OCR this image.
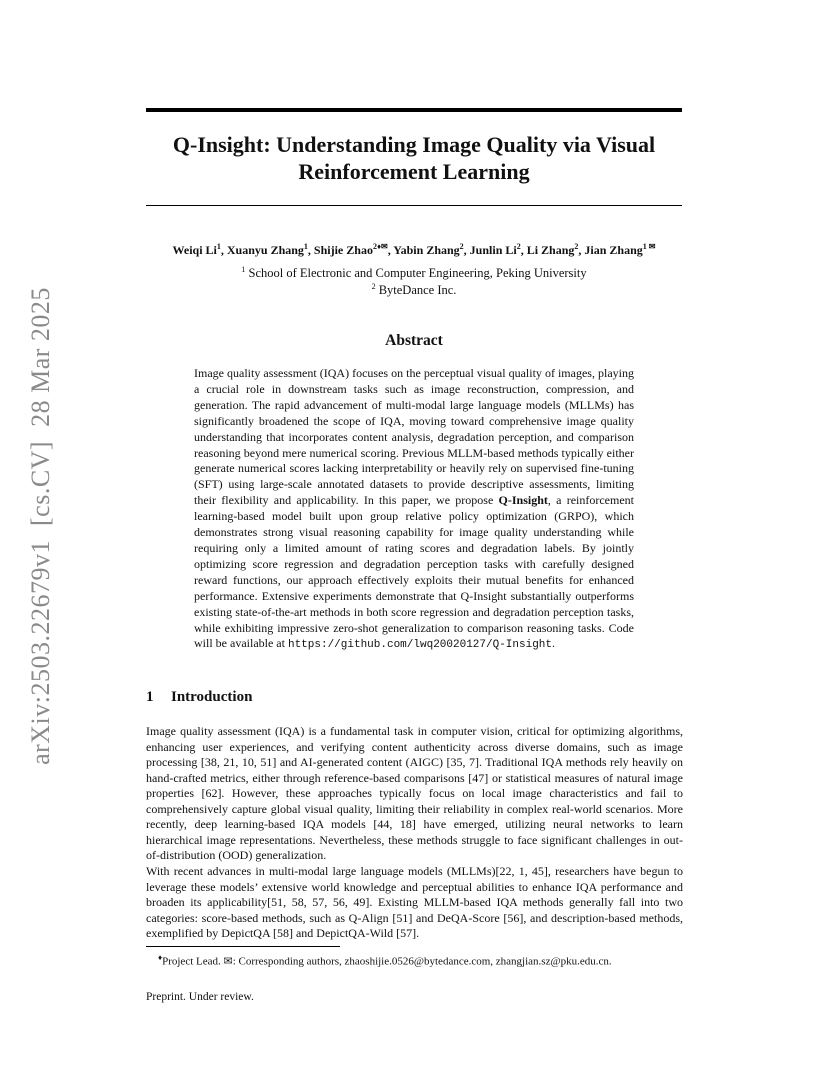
arXiv:2503.22679v1[cs.CV]28 Mar 2025
Q-Insight: Understanding Image Quality via Visual
Reinforcement Learning
Weiqi Li$^1$, Xuanyu Zhang$^1$, Shijie Zhao$^{2♦✉}$, Yabin Zhang$^2$, Junlin Li$^2$, Li Zhang$^2$, Jian Zhang$^{1 ✉}$
$^1$ School of Electronic and Computer Engineering, Peking University
$^2$ ByteDance Inc.
Abstract
Image quality assessment (IQA) focuses on the perceptual visual quality of images, playing a crucial role in downstream tasks such as image reconstruction, compression, and generation. The rapid advancement of multi-modal large language models (MLLMs) has significantly broadened the scope of IQA, moving toward comprehensive image quality understanding that incorporates content analysis, degradation perception, and comparison reasoning beyond mere numerical scoring. Previous MLLM-based methods typically either generate numerical scores lacking interpretability or heavily rely on supervised fine-tuning (SFT) using large-scale annotated datasets to provide descriptive assessments, limiting their flexibility and applicability. In this paper, we propose Q-Insight, a reinforcement learning-based model built upon group relative policy optimization (GRPO), which demonstrates strong visual reasoning capability for image quality understanding while requiring only a limited amount of rating scores and degradation labels. By jointly optimizing score regression and degradation perception tasks with carefully designed reward functions, our approach effectively exploits their mutual benefits for enhanced performance. Extensive experiments demonstrate that Q-Insight substantially outperforms existing state-of-the-art methods in both score regression and degradation perception tasks, while exhibiting impressive zero-shot generalization to comparison reasoning tasks. Code will be available at https://github.com/lwq20020127/Q-Insight.
1 Introduction
Image quality assessment (IQA) is a fundamental task in computer vision, critical for optimizing algorithms, enhancing user experiences, and verifying content authenticity across diverse domains, such as image processing [38, 21, 10, 51] and AI-generated content (AIGC) [35, 7]. Traditional IQA methods rely heavily on hand-crafted metrics, either through reference-based comparisons [47] or statistical measures of natural image properties [62]. However, these approaches typically focus on local image characteristics and fail to comprehensively capture global visual quality, limiting their reliability in complex real-world scenarios. More recently, deep learning-based IQA models [44, 18] have emerged, utilizing neural networks to learn hierarchical image representations. Nevertheless, these methods struggle to face significant challenges in out-of-distribution (OOD) generalization.
With recent advances in multi-modal large language models (MLLMs)[22, 1, 45], researchers have begun to leverage these models’ extensive world knowledge and perceptual abilities to enhance IQA performance and broaden its applicability[51, 58, 57, 56, 49]. Existing MLLM-based IQA methods generally fall into two categories: score-based methods, such as Q-Align [51] and DeQA-Score [56], and description-based methods, exemplified by DepictQA [58] and DepictQA-Wild [57].
♦Project Lead. ✉: Corresponding authors, zhaoshijie.0526@bytedance.com, zhangjian.sz@pku.edu.cn.
Preprint. Under review.
